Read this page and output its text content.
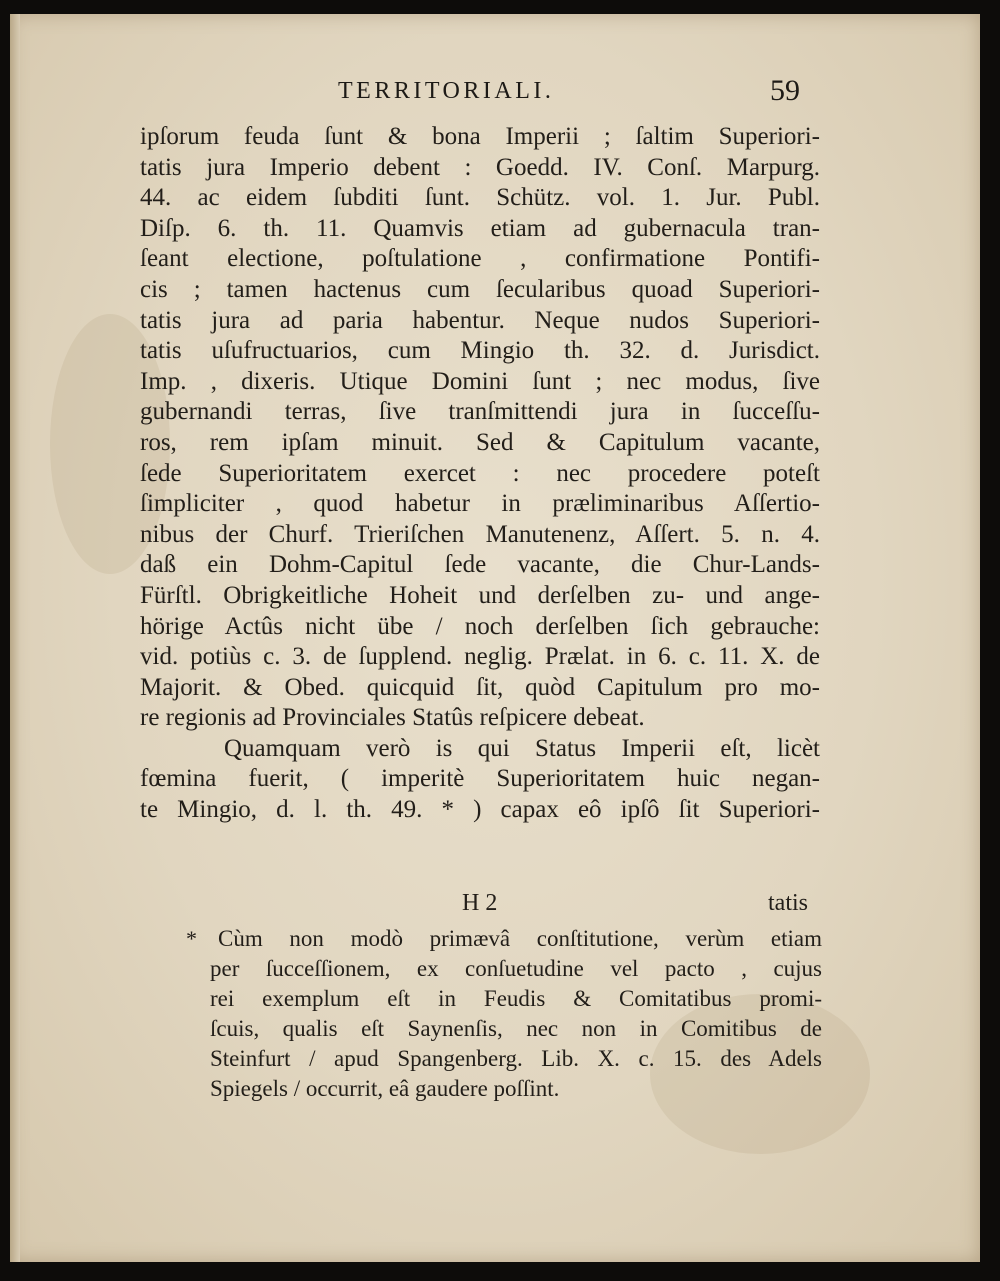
TERRITORIALI.	59
ipſorum feuda ſunt & bona Imperii ; ſaltim Superiori-
tatis jura Imperio debent : Goedd. IV. Conſ. Marpurg.
44. ac eidem ſubditi ſunt. Schütz. vol. 1. Jur. Publ.
Diſp. 6. th. 11. Quamvis etiam ad gubernacula tran-
ſeant electione, poſtulatione , confirmatione Pontifi-
cis ; tamen hactenus cum ſecularibus quoad Superiori-
tatis jura ad paria habentur. Neque nudos Superiori-
tatis uſufructuarios, cum Mingio th. 32. d. Jurisdict.
Imp. , dixeris. Utique Domini ſunt ; nec modus, ſive
gubernandi terras, ſive tranſmittendi jura in ſucceſſu-
ros, rem ipſam minuit. Sed & Capitulum vacante,
ſede Superioritatem exercet : nec procedere poteſt
ſimpliciter , quod habetur in præliminaribus Aſſertio-
nibus der Churf. Trieriſchen Manutenenz, Aſſert. 5. n. 4.
daß ein Dohm-Capitul ſede vacante, die Chur-Lands-
Fürſtl. Obrigkeitliche Hoheit und derſelben zu- und ange-
hörige Actûs nicht übe / noch derſelben ſich gebrauche:
vid. potiùs c. 3. de ſupplend. neglig. Prælat. in 6. c. 11. X. de
Majorit. & Obed. quicquid ſit, quòd Capitulum pro mo-
re regionis ad Provinciales Statûs reſpicere debeat.
Quamquam verò is qui Status Imperii eſt, licèt
fœmina fuerit, ( imperitè Superioritatem huic negan-
te Mingio, d. l. th. 49. * ) capax eô ipſô ſit Superiori-
H 2	tatis
* Cùm non modò primævâ conſtitutione, verùm etiam
per ſucceſſionem, ex conſuetudine vel pacto , cujus
rei exemplum eſt in Feudis & Comitatibus promi-
ſcuis, qualis eſt Saynenſis, nec non in Comitibus de
Steinfurt / apud Spangenberg. Lib. X. c. 15. des Adels
Spiegels / occurrit, eâ gaudere poſſint.
